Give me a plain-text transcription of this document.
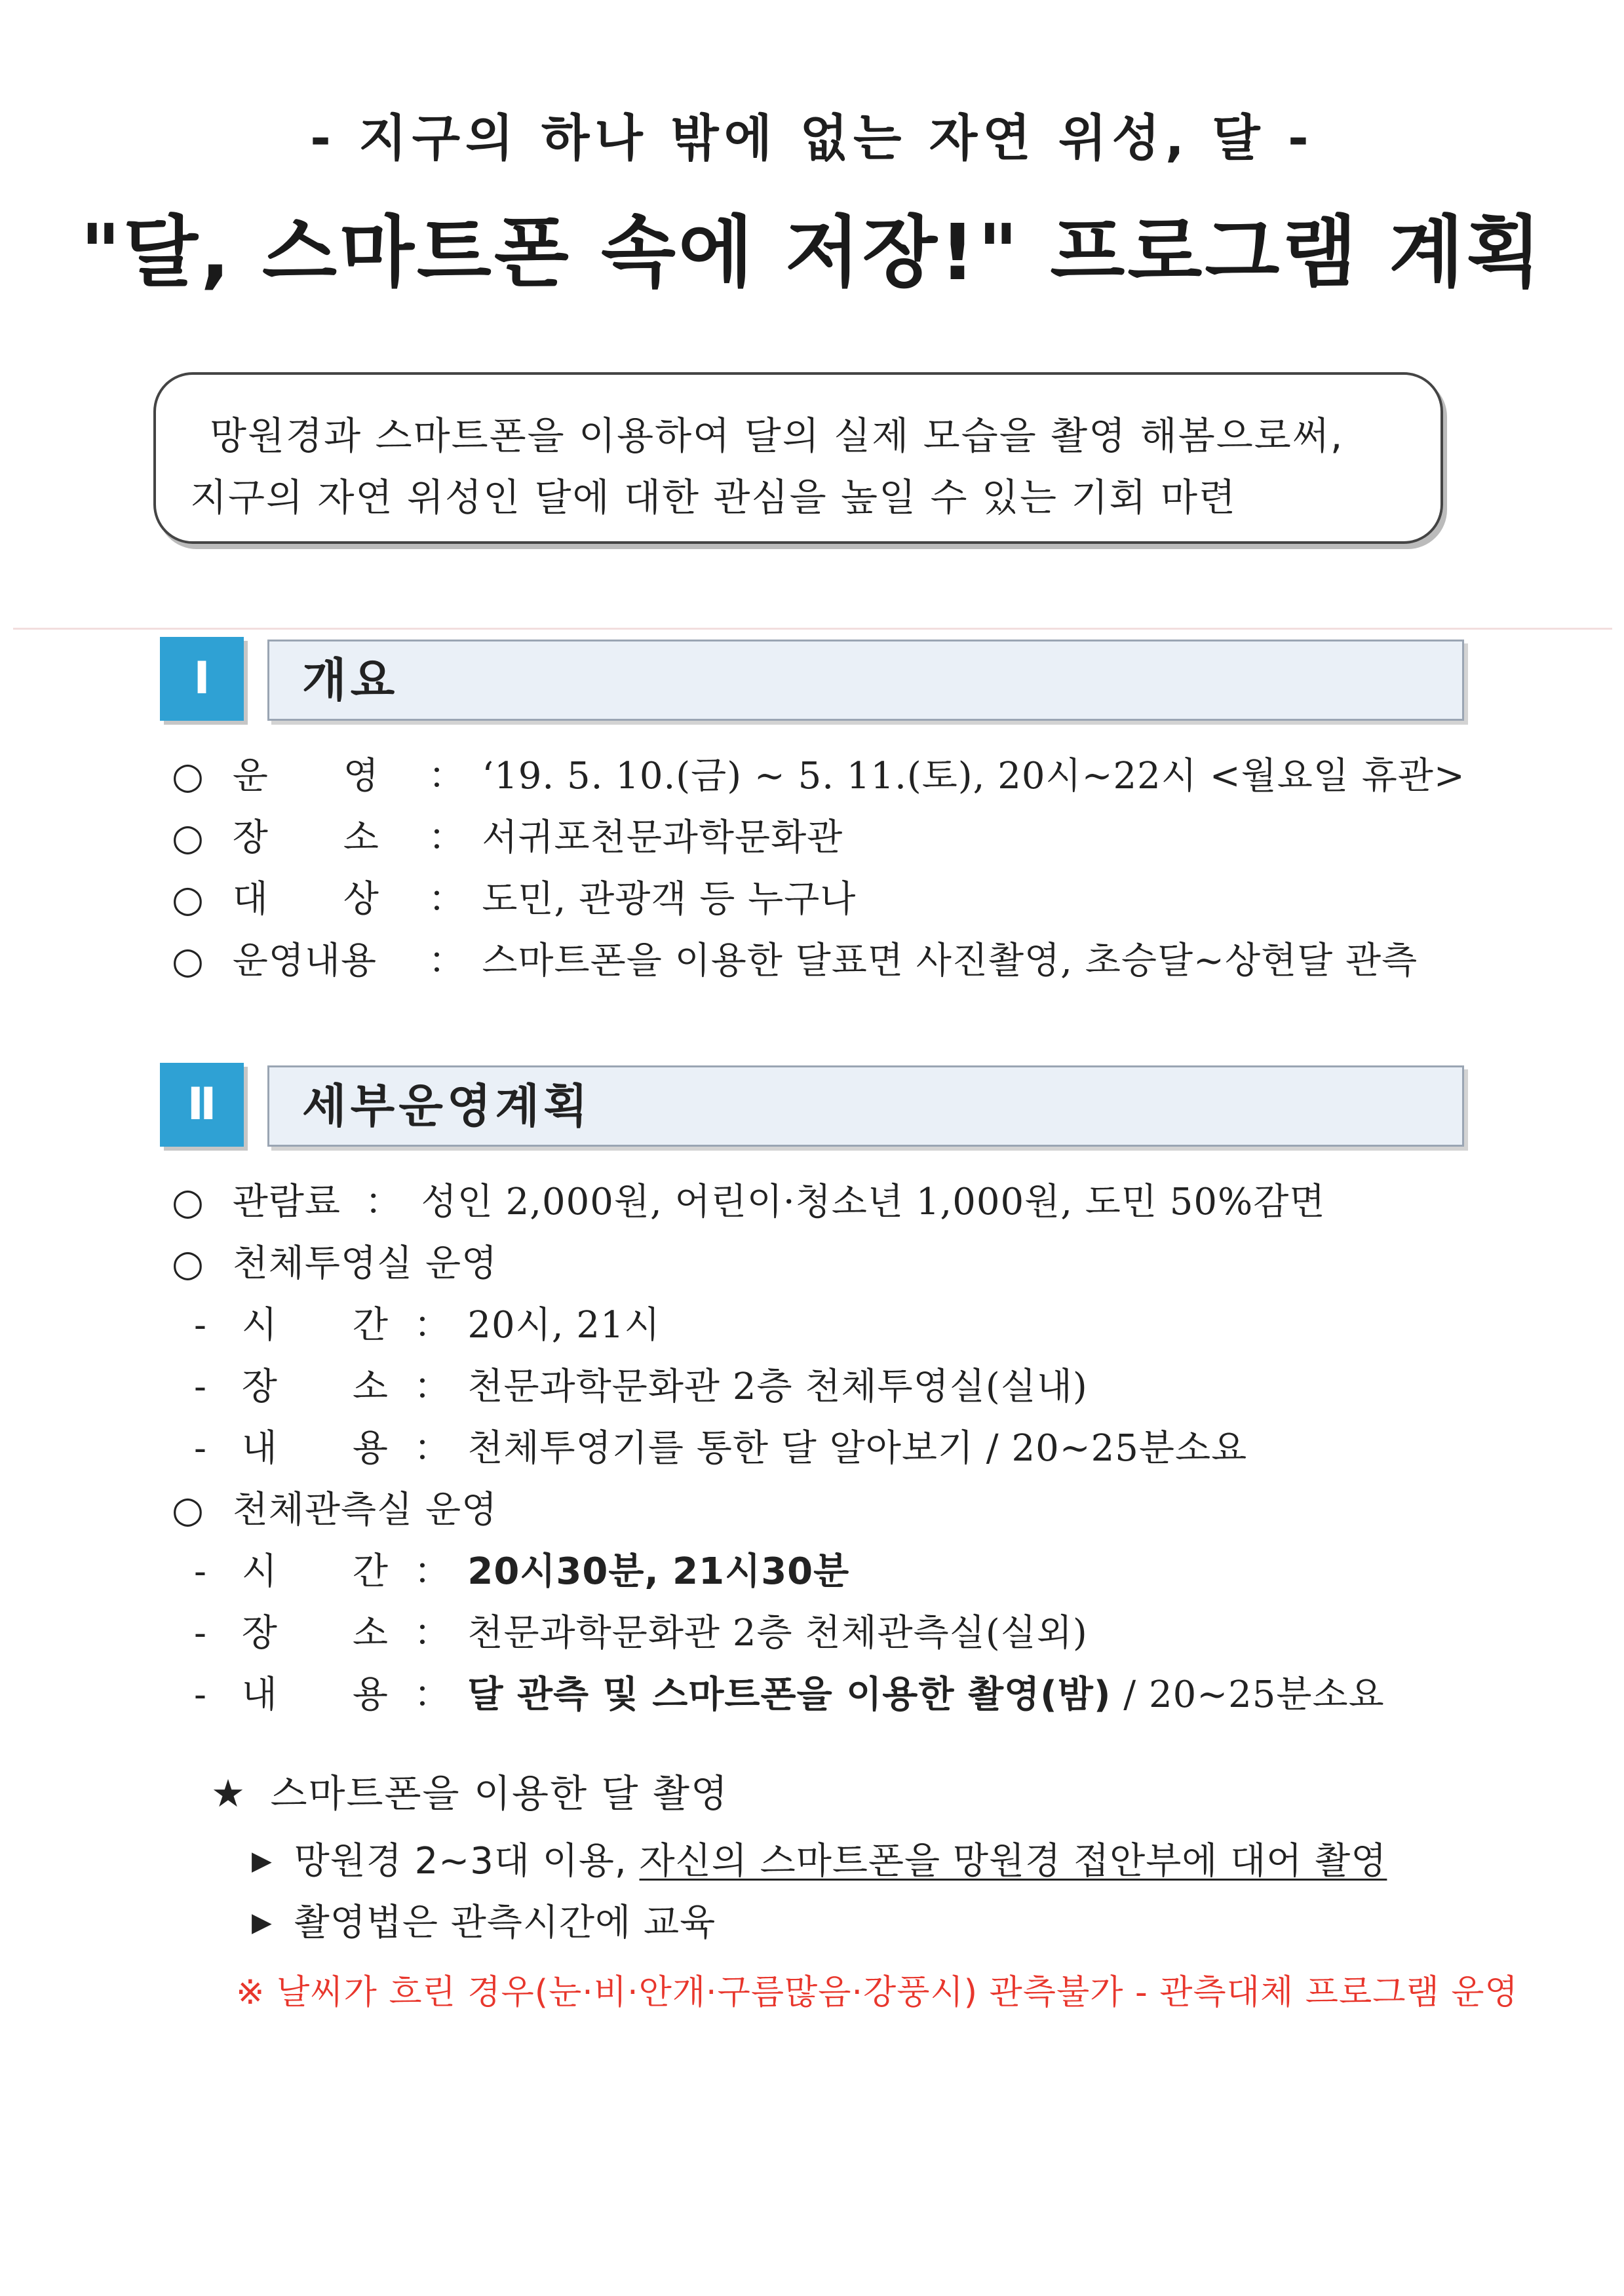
- 지구의 하나 밖에 없는 자연 위성, 달 -
"달, 스마트폰 속에 저장!" 프로그램 계획
망원경과 스마트폰을 이용하여 달의 실제 모습을 촬영 해봄으로써,
지구의 자연 위성인 달에 대한 관심을 높일 수 있는 기회 마련
Ⅰ	개요
○ 운　　영 ： ‘19. 5. 10.(금) ~ 5. 11.(토), 20시~22시 <월요일 휴관>
○ 장　　소 ： 서귀포천문과학문화관
○ 대　　상 ： 도민, 관광객 등 누구나
○ 운영내용 ： 스마트폰을 이용한 달표면 사진촬영, 초승달~상현달 관측
Ⅱ	세부운영계획
○ 관람료 ： 성인 2,000원, 어린이·청소년 1,000원, 도민 50%감면
○ 천체투영실 운영
- 시　　간 ： 20시, 21시
- 장　　소 ： 천문과학문화관 2층 천체투영실(실내)
- 내　　용 ： 천체투영기를 통한 달 알아보기 / 20~25분소요
○ 천체관측실 운영
- 시　　간 ： 20시30분, 21시30분
- 장　　소 ： 천문과학문화관 2층 천체관측실(실외)
- 내　　용 ： 달 관측 및 스마트폰을 이용한 촬영(밤) / 20~25분소요
★ 스마트폰을 이용한 달 촬영
▶ 망원경 2~3대 이용, 자신의 스마트폰을 망원경 접안부에 대어 촬영
▶ 촬영법은 관측시간에 교육
※ 날씨가 흐린 경우(눈·비·안개·구름많음·강풍시) 관측불가 - 관측대체 프로그램 운영
